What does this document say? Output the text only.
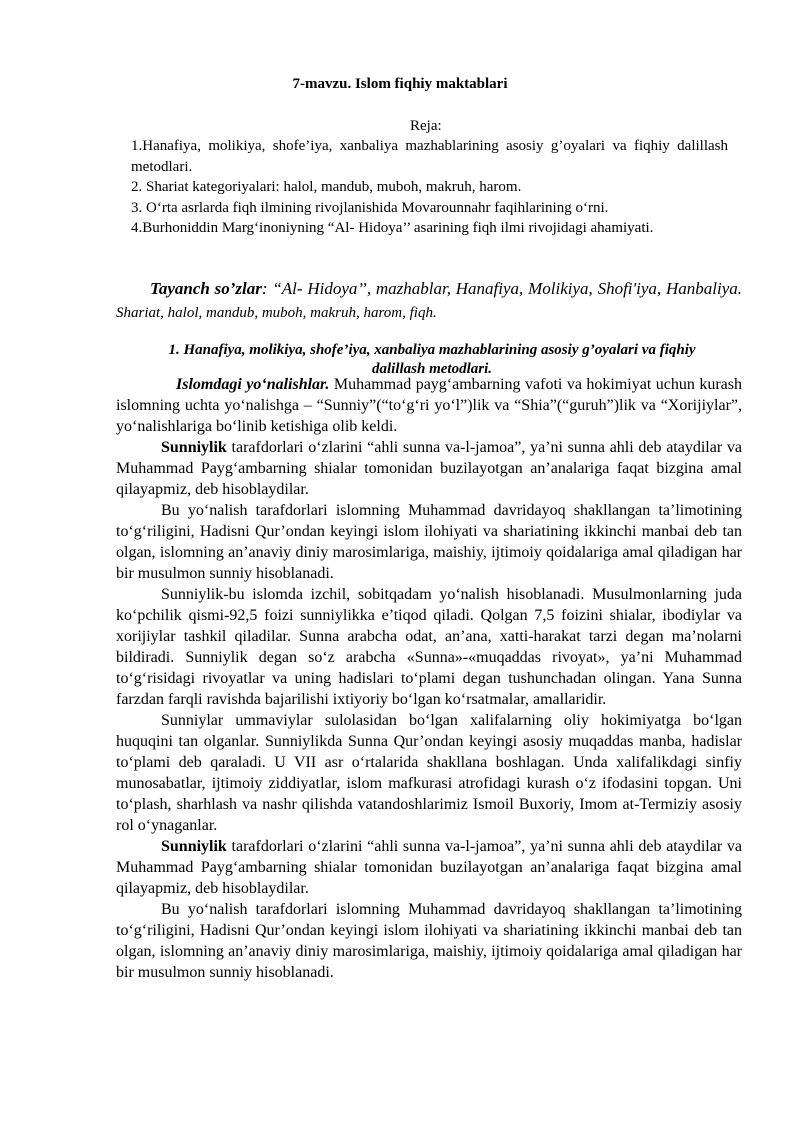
7-mavzu. Islom fiqhiy maktablari
Reja:
1.Hanafiya, molikiya, shofe’iya, xanbaliya mazhablarining asosiy g’oyalari va fiqhiy dalillash metodlari.
2. Shariat kategoriyalari: halol, mandub, muboh, makruh, harom.
3. O‘rta asrlarda fiqh ilmining rivojlanishida Movarounnahr faqihlarining o‘rni.
4.Burhoniddin Marg‘inoniyning “Al- Hidoya’’ asarining fiqh ilmi rivojidagi ahamiyati.
Tayanch so’zlar: “Al- Hidoya’’, mazhablar, Hanafiya, Molikiya, Shofi'iya, Hanbaliya. Shariat, halol, mandub, muboh, makruh, harom, fiqh.
1. Hanafiya, molikiya, shofe’iya, xanbaliya mazhablarining asosiy g’oyalari va fiqhiy dalillash metodlari.

Islomdagi yo‘nalishlar. Muhammad payg‘ambarning vafoti va hokimiyat uchun kurash islomning uchta yo‘nalishga – “Sunniy”(“to‘g‘ri yo‘l”)lik va “Shia”(“guruh”)lik va “Xorijiylar”, yo‘nalishlariga bo‘linib ketishiga olib keldi.

Sunniylik tarafdorlari o‘zlarini “ahli sunna va-l-jamoa”, ya’ni sunna ahli deb ataydilar va Muhammad Payg‘ambarning shialar tomonidan buzilayotgan an’analariga faqat bizgina amal qilayapmiz, deb hisoblaydilar.

Bu yo‘nalish tarafdorlari islomning Muhammad davridayoq shakllangan ta’limotining to‘g‘riligini, Hadisni Qur’ondan keyingi islom ilohiyati va shariatining ikkinchi manbai deb tan olgan, islomning an’anaviy diniy marosimlariga, maishiy, ijtimoiy qoidalariga amal qiladigan har bir musulmon sunniy hisoblanadi.

Sunniylik-bu islomda izchil, sobitqadam yo‘nalish hisoblanadi. Musulmonlarning juda ko‘pchilik qismi-92,5 foizi sunniylikka e’tiqod qiladi. Qolgan 7,5 foizini shialar, ibodiylar va xorijiylar tashkil qiladilar. Sunna arabcha odat, an’ana, xatti-harakat tarzi degan ma’nolarni bildiradi. Sunniylik degan so‘z arabcha «Sunna»-«muqaddas rivoyat», ya’ni Muhammad to‘g‘risidagi rivoyatlar va uning hadislari to‘plami degan tushunchadan olingan. Yana Sunna farzdan farqli ravishda bajarilishi ixtiyoriy bo‘lgan ko‘rsatmalar, amallaridir.

Sunniylar ummaviylar sulolasidan bo‘lgan xalifalarning oliy hokimiyatga bo‘lgan huquqini tan olganlar. Sunniylikda Sunna Qur’ondan keyingi asosiy muqaddas manba, hadislar to‘plami deb qaraladi. U VII asr o‘rtalarida shakllana boshlagan. Unda xalifalikdagi sinfiy munosabatlar, ijtimoiy ziddiyatlar, islom mafkurasi atrofidagi kurash o‘z ifodasini topgan. Uni to‘plash, sharhlash va nashr qilishda vatandoshlarimiz Ismoil Buxoriy, Imom at-Termiziy asosiy rol o‘ynaganlar.

Sunniylik tarafdorlari o‘zlarini “ahli sunna va-l-jamoa”, ya’ni sunna ahli deb ataydilar va Muhammad Payg‘ambarning shialar tomonidan buzilayotgan an’analariga faqat bizgina amal qilayapmiz, deb hisoblaydilar.

Bu yo‘nalish tarafdorlari islomning Muhammad davridayoq shakllangan ta’limotining to‘g‘riligini, Hadisni Qur’ondan keyingi islom ilohiyati va shariatining ikkinchi manbai deb tan olgan, islomning an’anaviy diniy marosimlariga, maishiy, ijtimoiy qoidalariga amal qiladigan har bir musulmon sunniy hisoblanadi.
